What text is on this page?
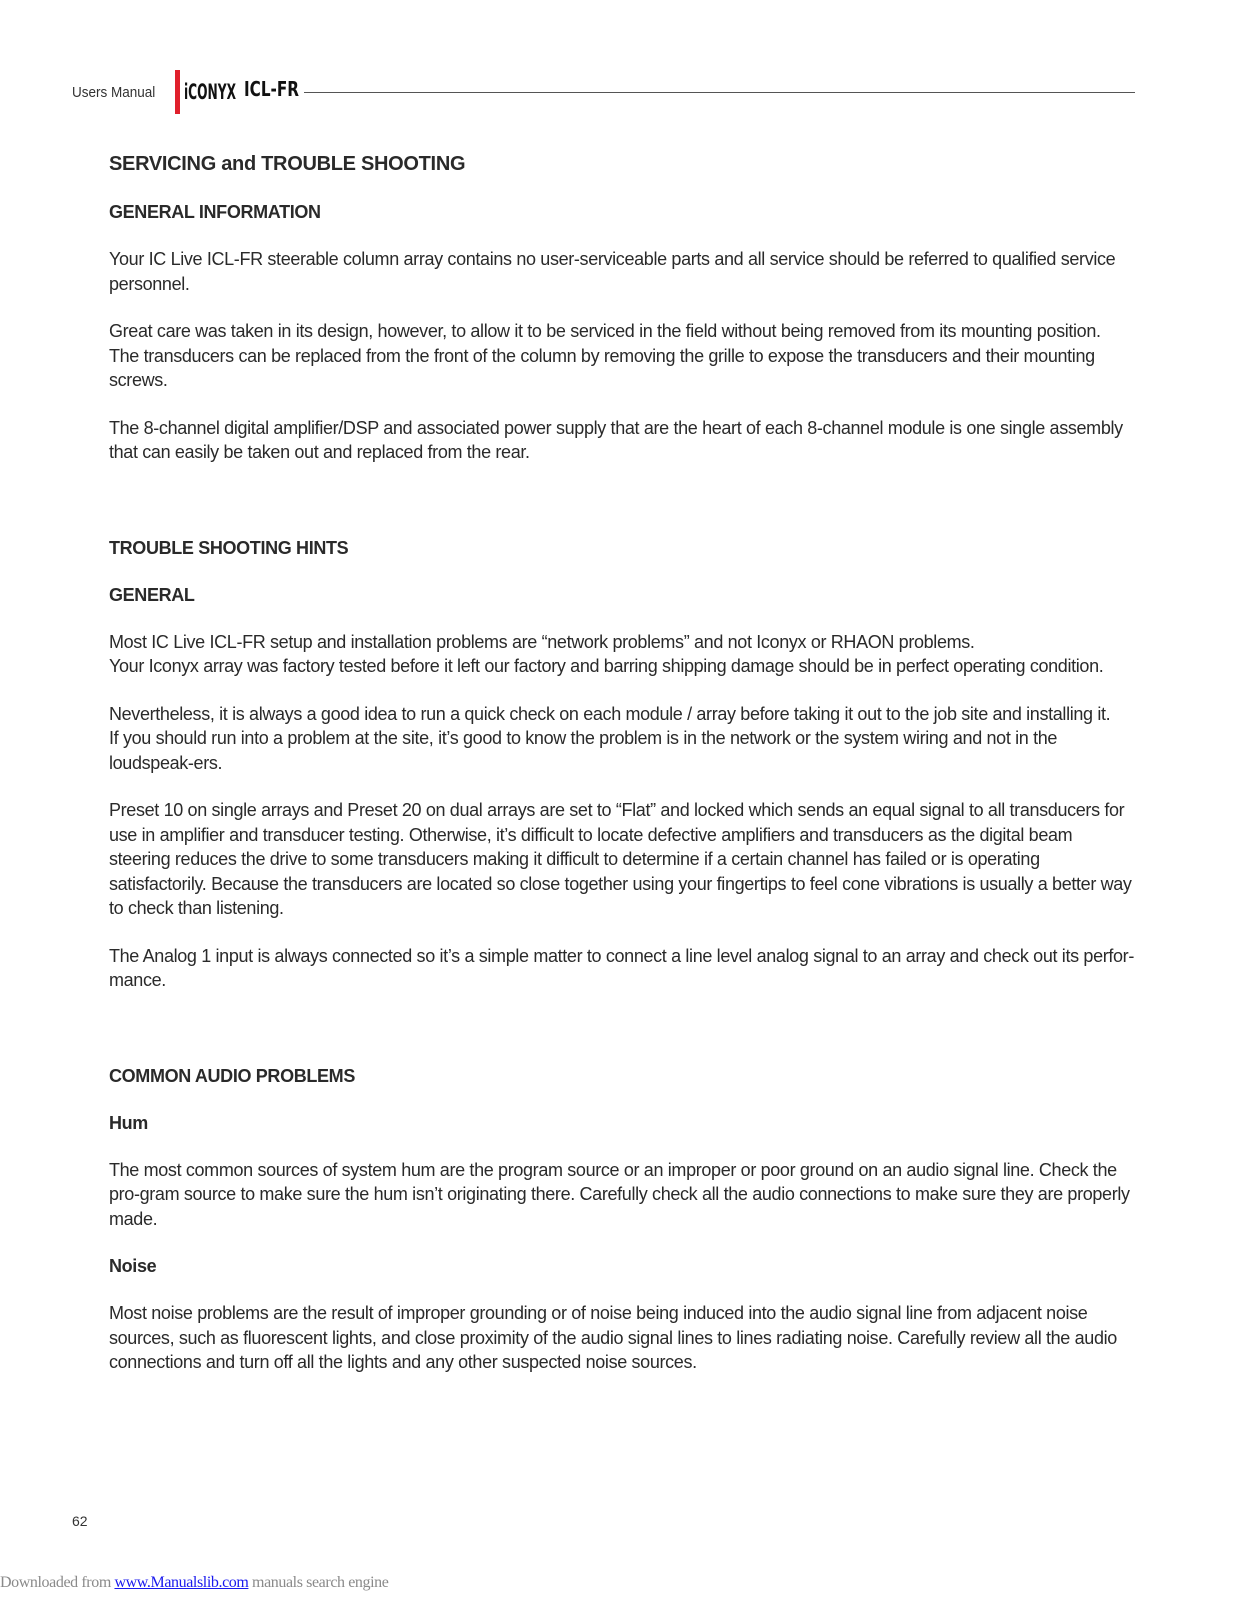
Users Manual iCONYX ICL-FR
SERVICING and TROUBLE SHOOTING
GENERAL INFORMATION

Your IC Live ICL-FR steerable column array contains no user-serviceable parts and all service should be referred to qualified service personnel.

Great care was taken in its design, however, to allow it to be serviced in the field without being removed from its mounting position. The transducers can be replaced from the front of the column by removing the grille to expose the transducers and their mounting screws.

The 8-channel digital amplifier/DSP and associated power supply that are the heart of each 8-channel module is one single assembly that can easily be taken out and replaced from the rear.

TROUBLE SHOOTING HINTS
GENERAL

Most IC Live ICL-FR setup and installation problems are “network problems” and not Iconyx or RHAON problems.

Your Iconyx array was factory tested before it left our factory and barring shipping damage should be in perfect operating condition.

Nevertheless, it is always a good idea to run a quick check on each module / array before taking it out to the job site and installing it.

If you should run into a problem at the site, it’s good to know the problem is in the network or the system wiring and not in the loudspeak-ers.

Preset 10 on single arrays and Preset 20 on dual arrays are set to “Flat” and locked which sends an equal signal to all transducers for use in amplifier and transducer testing. Otherwise, it’s difficult to locate defective amplifiers and transducers as the digital beam steering reduces the drive to some transducers making it difficult to determine if a certain channel has failed or is operating satisfactorily. Because the transducers are located so close together using your fingertips to feel cone vibrations is usually a better way to check than listening.

The Analog 1 input is always connected so it’s a simple matter to connect a line level analog signal to an array and check out its perfor-mance.

COMMON AUDIO PROBLEMS
Hum

The most common sources of system hum are the program source or an improper or poor ground on an audio signal line. Check the pro-gram source to make sure the hum isn’t originating there. Carefully check all the audio connections to make sure they are properly made.

Noise

Most noise problems are the result of improper grounding or of noise being induced into the audio signal line from adjacent noise sources, such as fluorescent lights, and close proximity of the audio signal lines to lines radiating noise. Carefully review all the audio connections and turn off all the lights and any other suspected noise sources.

62
Downloaded from www.Manualslib.com manuals search engine
